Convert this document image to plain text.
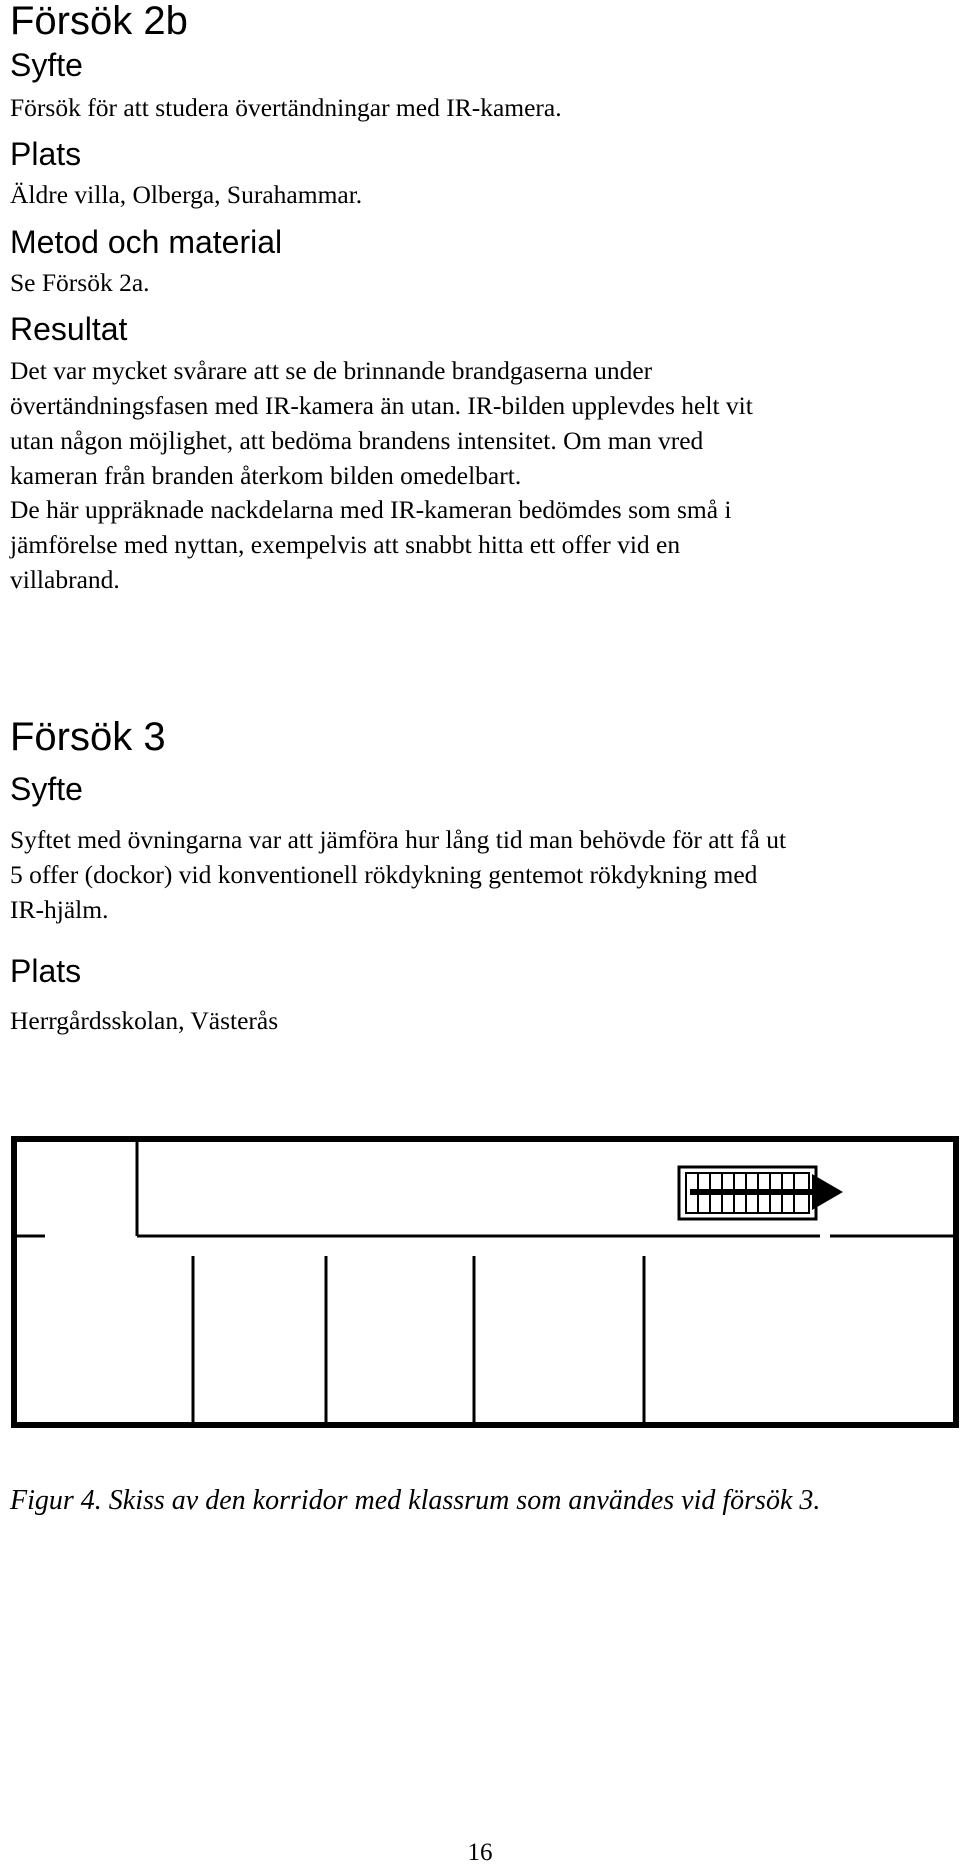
Försök 2b
Syfte

Försök för att studera övertändningar med IR-kamera.

Plats

Äldre villa, Olberga, Surahammar.

Metod och material

Se Försök 2a.

Resultat

Det var mycket svårare att se de brinnande brandgaserna under
övertändningsfasen med IR-kamera än utan. IR-bilden upplevdes helt vit
utan någon möjlighet, att bedöma brandens intensitet. Om man vred
kameran från branden återkom bilden omedelbart.

De här uppräknade nackdelarna med IR-kameran bedömdes som små i
jämförelse med nyttan, exempelvis att snabbt hitta ett offer vid en
villabrand.

Försök 3
Syfte

Syftet med övningarna var att jämföra hur lång tid man behövde för att få ut
5 offer (dockor) vid konventionell rökdykning gentemot rökdykning med
IR-hjälm.

Plats

Herrgårdsskolan, Västerås

Figur 4. Skiss av den korridor med klassrum som användes vid försök 3.
16
